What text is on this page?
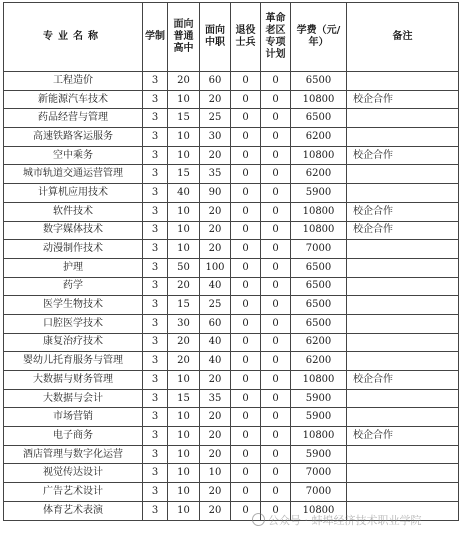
专业名称	学制	面向普通高中	面向中职	退役士兵	革命老区专项计划	学费（元/年）	备注
工程造价	3	20	60	0	0	6500	
新能源汽车技术	3	10	20	0	0	10800	校企合作
药品经营与管理	3	15	25	0	0	6500	
高速铁路客运服务	3	10	30	0	0	6200	
空中乘务	3	10	20	0	0	10800	校企合作
城市轨道交通运营管理	3	15	35	0	0	6200	
计算机应用技术	3	40	90	0	0	5900	
软件技术	3	10	20	0	0	10800	校企合作
数字媒体技术	3	10	20	0	0	10800	校企合作
动漫制作技术	3	10	20	0	0	7000	
护理	3	50	100	0	0	6500	
药学	3	20	40	0	0	6500	
医学生物技术	3	15	25	0	0	6500	
口腔医学技术	3	30	60	0	0	6500	
康复治疗技术	3	20	40	0	0	6200	
婴幼儿托育服务与管理	3	20	40	0	0	6200	
大数据与财务管理	3	10	20	0	0	10800	校企合作
大数据与会计	3	15	35	0	0	5900	
市场营销	3	10	20	0	0	5900	
电子商务	3	10	20	0	0	10800	校企合作
酒店管理与数字化运营	3	10	20	0	0	5900	
视觉传达设计	3	10	10	0	0	7000	
广告艺术设计	3	10	20	0	0	7000	
体育艺术表演	3	10	20	0	0	10800	
公众号 · 蚌埠经济技术职业学院
